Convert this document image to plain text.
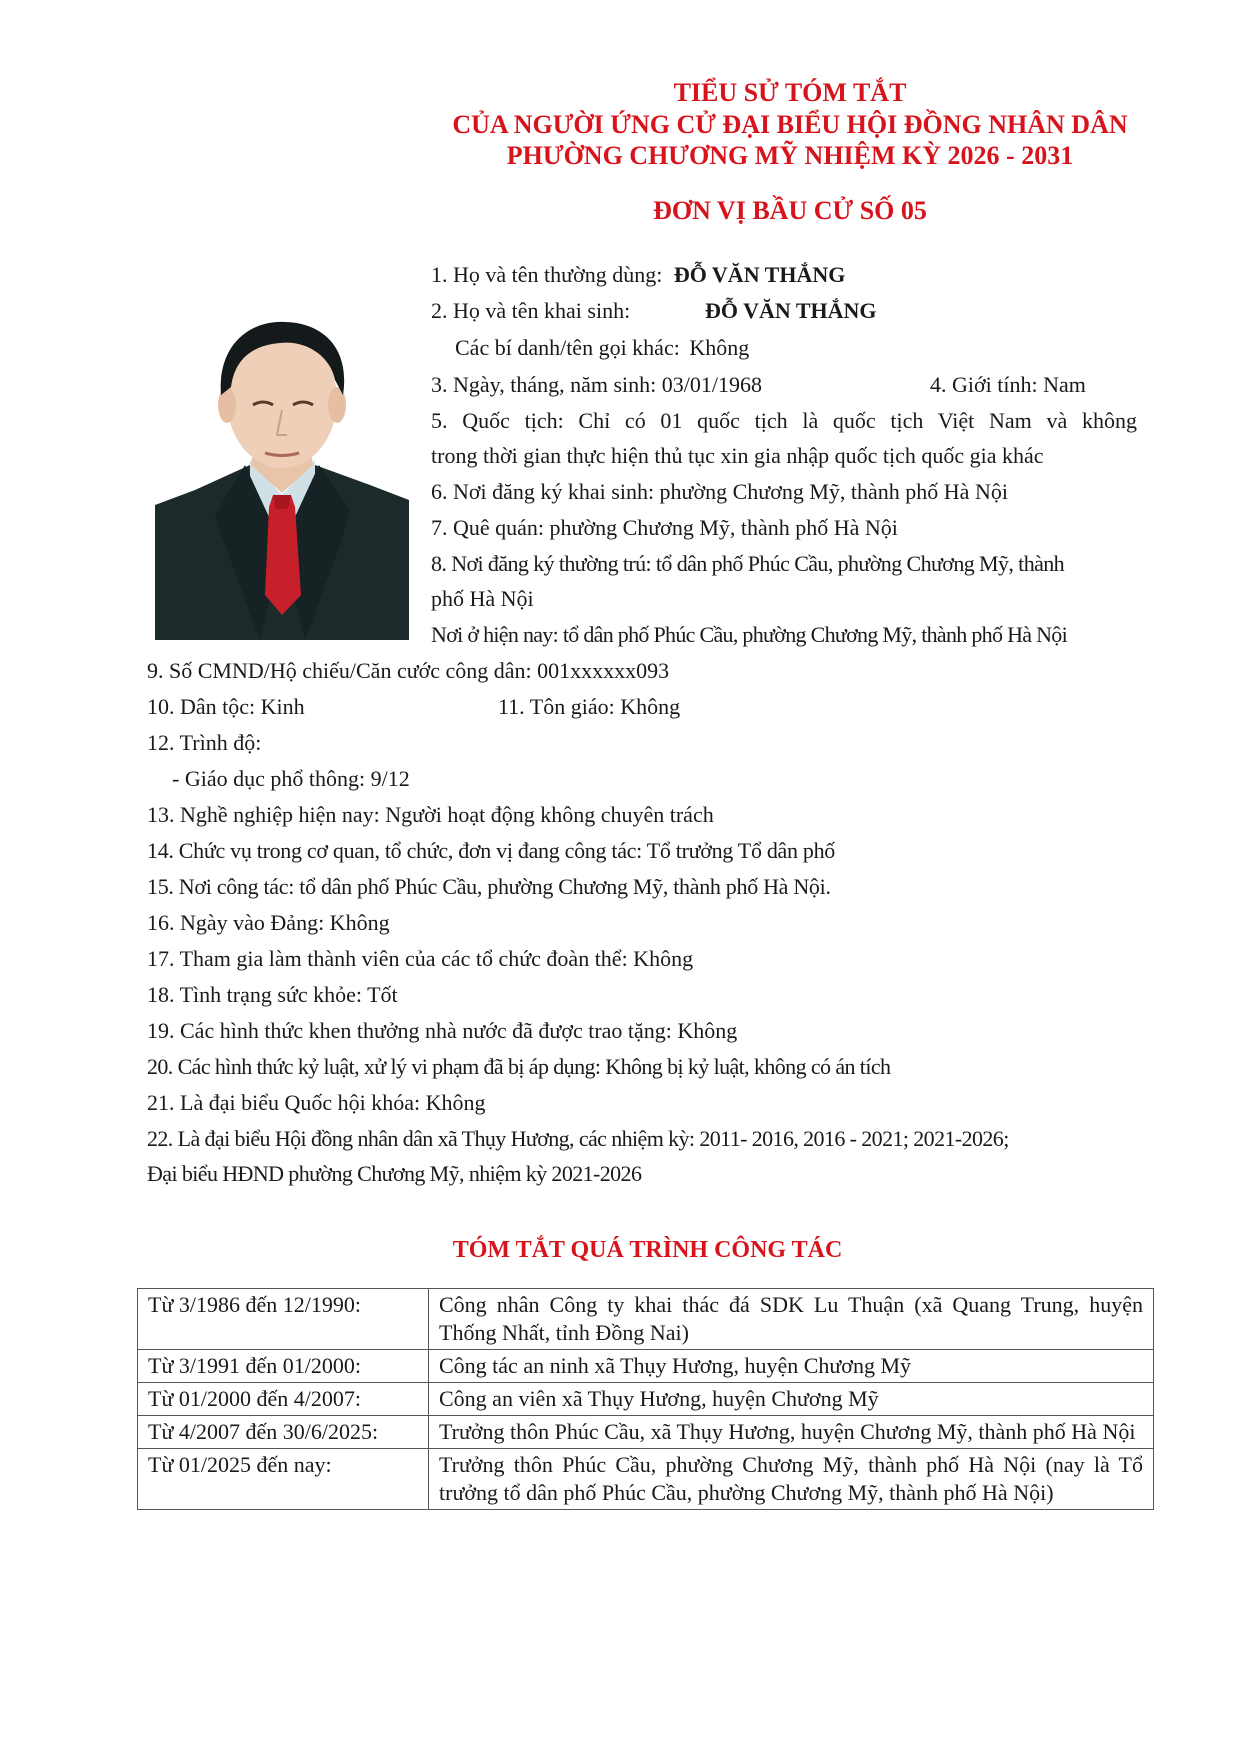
TIỂU SỬ TÓM TẮT
CỦA NGƯỜI ỨNG CỬ ĐẠI BIỂU HỘI ĐỒNG NHÂN DÂN
PHƯỜNG CHƯƠNG MỸ NHIỆM KỲ 2026 - 2031
ĐƠN VỊ BẦU CỬ SỐ 05
1. Họ và tên thường dùng: ĐỖ VĂN THẮNG
2. Họ và tên khai sinh:	ĐỖ VĂN THẮNG
Các bí danh/tên gọi khác: Không
3. Ngày, tháng, năm sinh: 03/01/1968	4. Giới tính: Nam
5. Quốc tịch: Chỉ có 01 quốc tịch là quốc tịch Việt Nam và không
trong thời gian thực hiện thủ tục xin gia nhập quốc tịch quốc gia khác
6. Nơi đăng ký khai sinh: phường Chương Mỹ, thành phố Hà Nội
7. Quê quán: phường Chương Mỹ, thành phố Hà Nội
8. Nơi đăng ký thường trú: tổ dân phố Phúc Cầu, phường Chương Mỹ, thành
phố Hà Nội
Nơi ở hiện nay: tổ dân phố Phúc Cầu, phường Chương Mỹ, thành phố Hà Nội
9. Số CMND/Hộ chiếu/Căn cước công dân: 001xxxxxx093
10. Dân tộc: Kinh	11. Tôn giáo: Không
12. Trình độ:
- Giáo dục phổ thông: 9/12
13. Nghề nghiệp hiện nay: Người hoạt động không chuyên trách
14. Chức vụ trong cơ quan, tổ chức, đơn vị đang công tác: Tổ trưởng Tổ dân phố
15. Nơi công tác: tổ dân phố Phúc Cầu, phường Chương Mỹ, thành phố Hà Nội.
16. Ngày vào Đảng: Không
17. Tham gia làm thành viên của các tổ chức đoàn thể: Không
18. Tình trạng sức khỏe: Tốt
19. Các hình thức khen thưởng nhà nước đã được trao tặng: Không
20. Các hình thức kỷ luật, xử lý vi phạm đã bị áp dụng: Không bị kỷ luật, không có án tích
21. Là đại biểu Quốc hội khóa: Không
22. Là đại biểu Hội đồng nhân dân xã Thụy Hương, các nhiệm kỳ: 2011- 2016, 2016 - 2021; 2021-2026;
Đại biểu HĐND phường Chương Mỹ, nhiệm kỳ 2021-2026
TÓM TẮT QUÁ TRÌNH CÔNG TÁC
Từ 3/1986 đến 12/1990:	Công nhân Công ty khai thác đá SDK Lu Thuận (xã Quang Trung, huyện Thống Nhất, tỉnh Đồng Nai)
Từ 3/1991 đến 01/2000:	Công tác an ninh xã Thụy Hương, huyện Chương Mỹ
Từ 01/2000 đến 4/2007:	Công an viên xã Thụy Hương, huyện Chương Mỹ
Từ 4/2007 đến 30/6/2025:	Trưởng thôn Phúc Cầu, xã Thụy Hương, huyện Chương Mỹ, thành phố Hà Nội
Từ 01/2025 đến nay:	Trưởng thôn Phúc Cầu, phường Chương Mỹ, thành phố Hà Nội (nay là Tổ trưởng tổ dân phố Phúc Cầu, phường Chương Mỹ, thành phố Hà Nội)
